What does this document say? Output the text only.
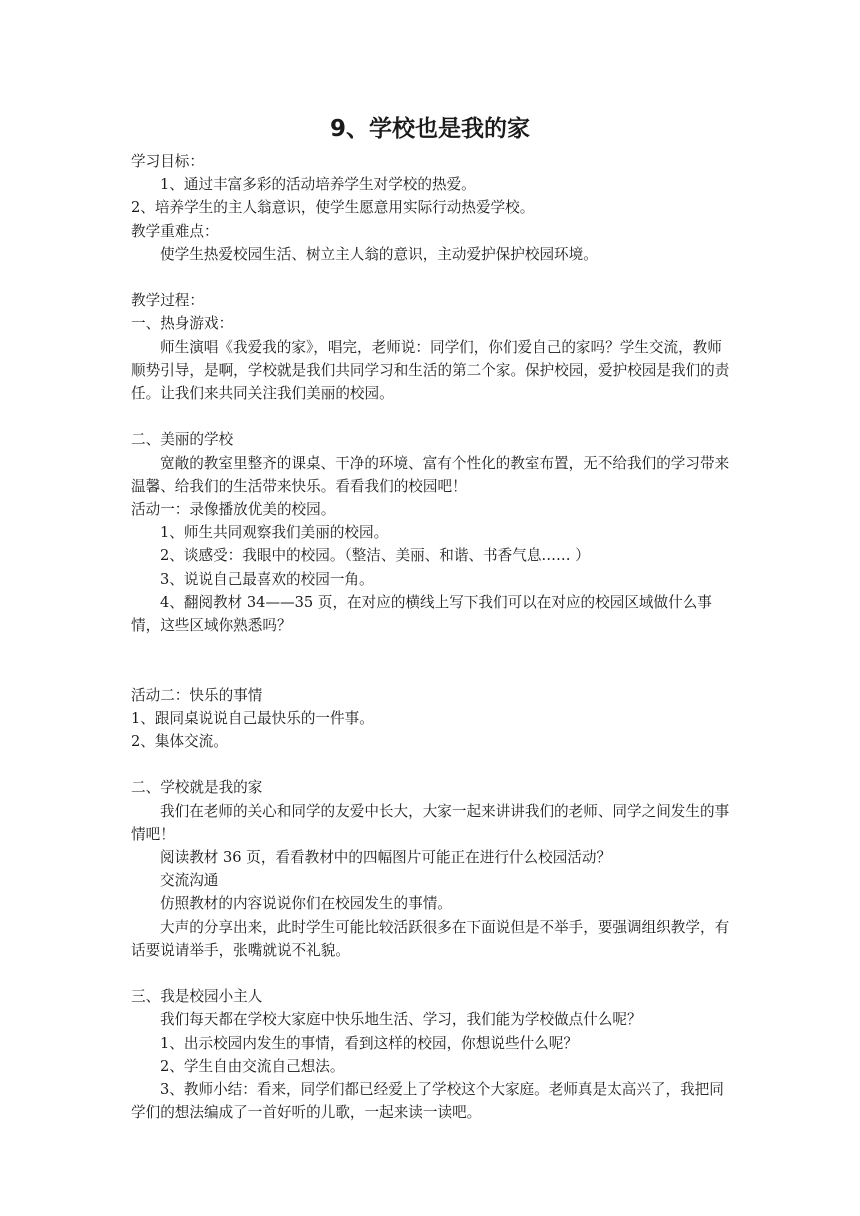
9、学校也是我的家

学习目标：

1、通过丰富多彩的活动培养学生对学校的热爱。

2、培养学生的主人翁意识，使学生愿意用实际行动热爱学校。

教学重难点：

使学生热爱校园生活、树立主人翁的意识，主动爱护保护校园环境。

教学过程：

一、热身游戏：

师生演唱《我爱我的家》，唱完，老师说：同学们，你们爱自己的家吗？学生交流，教师顺势引导，是啊，学校就是我们共同学习和生活的第二个家。保护校园，爱护校园是我们的责任。让我们来共同关注我们美丽的校园。

二、美丽的学校

宽敞的教室里整齐的课桌、干净的环境、富有个性化的教室布置，无不给我们的学习带来温馨、给我们的生活带来快乐。看看我们的校园吧！

活动一：录像播放优美的校园。

1、师生共同观察我们美丽的校园。

2、谈感受：我眼中的校园。（整洁、美丽、和谐、书香气息…… ）

3、说说自己最喜欢的校园一角。

4、翻阅教材 34——35 页，在对应的横线上写下我们可以在对应的校园区域做什么事情，这些区域你熟悉吗？

活动二：快乐的事情

1、跟同桌说说自己最快乐的一件事。

2、集体交流。

二、学校就是我的家

我们在老师的关心和同学的友爱中长大，大家一起来讲讲我们的老师、同学之间发生的事情吧！

阅读教材 36 页，看看教材中的四幅图片可能正在进行什么校园活动？

交流沟通

仿照教材的内容说说你们在校园发生的事情。

大声的分享出来，此时学生可能比较活跃很多在下面说但是不举手，要强调组织教学，有话要说请举手，张嘴就说不礼貌。

三、我是校园小主人

我们每天都在学校大家庭中快乐地生活、学习，我们能为学校做点什么呢？

1、出示校园内发生的事情，看到这样的校园，你想说些什么呢？

2、学生自由交流自己想法。

3、教师小结：看来，同学们都已经爱上了学校这个大家庭。老师真是太高兴了，我把同学们的想法编成了一首好听的儿歌，一起来读一读吧。
